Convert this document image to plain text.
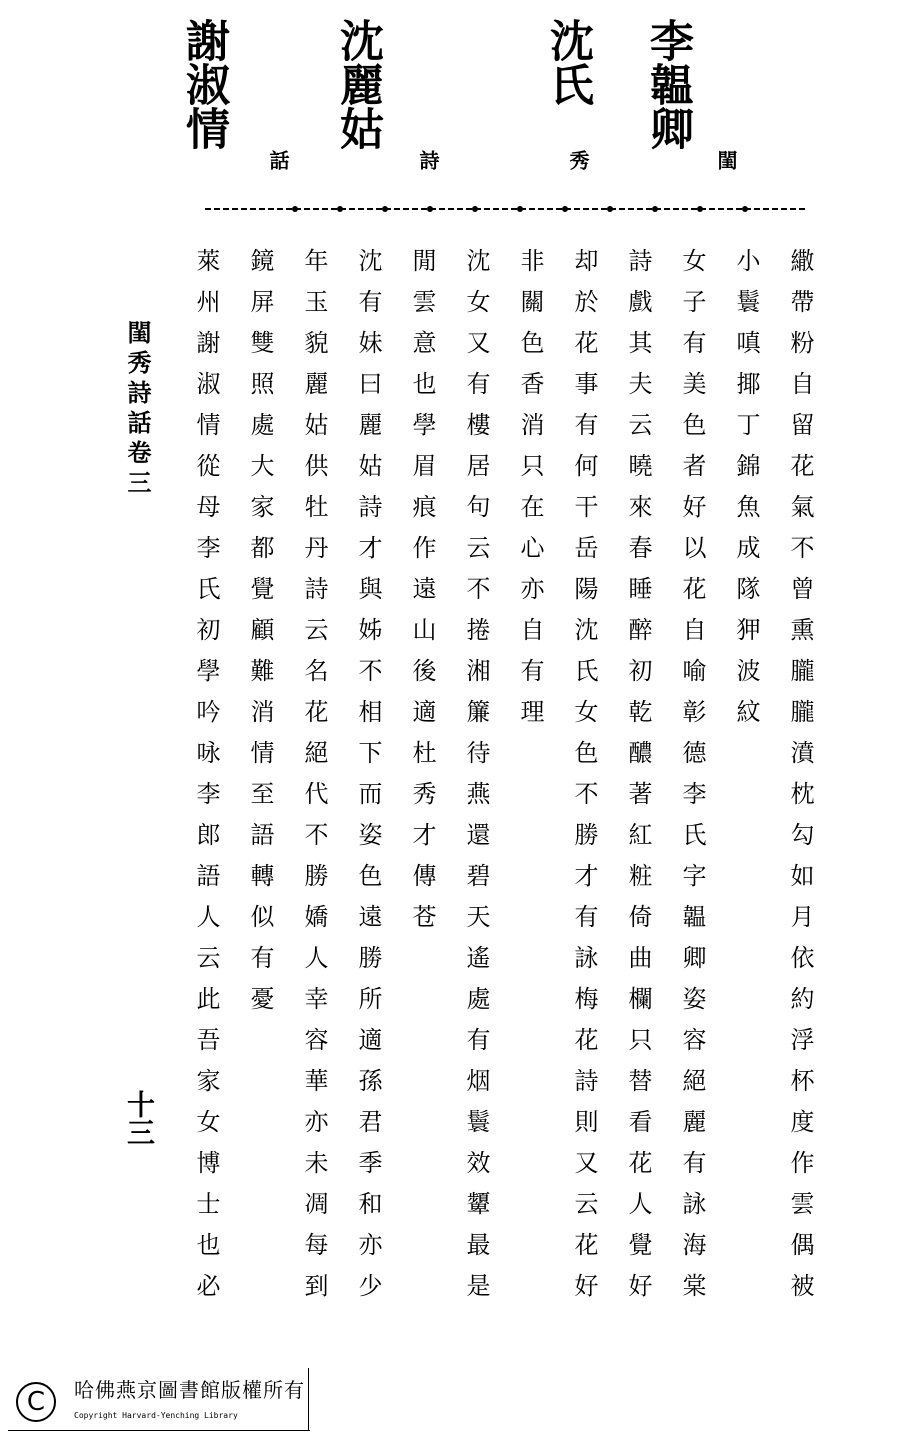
李韞卿
閨
沈氏
秀
沈麗姑
詩
謝淑情
話
閨秀詩話卷三
十三	繖帶粉自留花氣不曾熏朧朧濆枕勾如月依約浮杯度作雲偶被
小鬟嗔揶丁錦魚成隊狎波紋
女子有美色者好以花自喻彰德李氏字韞卿姿容絕麗有詠海棠
詩戲其夫云曉來春睡醉初乾醲著紅粧倚曲欄只替看花人覺好
却於花事有何干岳陽沈氏女色不勝才有詠梅花詩則又云花好
非關色香消只在心亦自有理
沈女又有樓居句云不捲湘簾待燕還碧天遙處有烟鬟效顰最是
閒雲意也學眉痕作遠山後適杜秀才傳苍
沈有妹曰麗姑詩才與姊不相下而姿色遠勝所適孫君季和亦少
年玉貌麗姑供牡丹詩云名花絕代不勝嬌人幸容華亦未凋每到
鏡屏雙照處大家都覺顧難消情至語轉似有憂
萊州謝淑情從母李氏初學吟咏李郎語人云此吾家女博士也必
C	哈佛燕京圖書館版權所有
Copyright Harvard-Yenching Library
